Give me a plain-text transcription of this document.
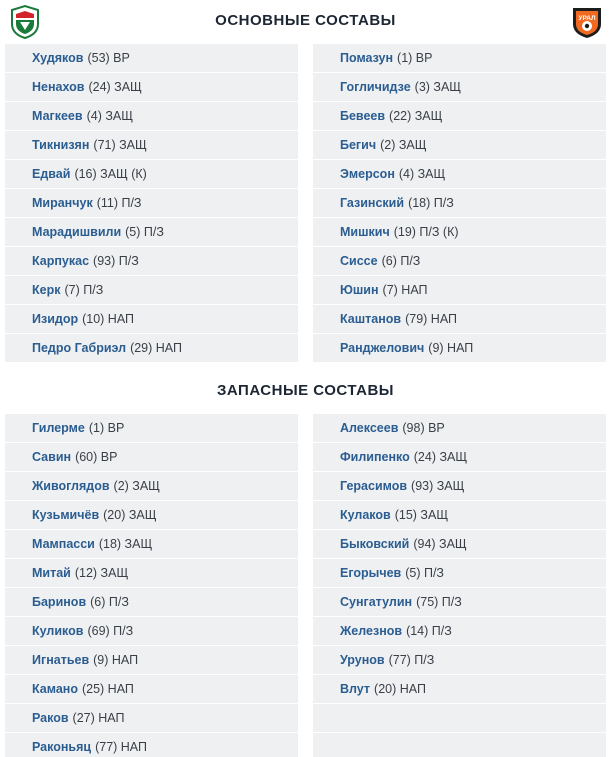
УРАЛ
ОСНОВНЫЕ СОСТАВЫ
ЗАПАСНЫЕ СОСТАВЫ
Худяков (53) ВР
Ненахов (24) ЗАЩ
Магкеев (4) ЗАЩ
Тикнизян (71) ЗАЩ
Едвай (16) ЗАЩ (К)
Миранчук (11) П/З
Марадишвили (5) П/З
Карпукас (93) П/З
Керк (7) П/З
Изидор (10) НАП
Педро Габриэл (29) НАП
Помазун (1) ВР
Гогличидзе (3) ЗАЩ
Бевеев (22) ЗАЩ
Бегич (2) ЗАЩ
Эмерсон (4) ЗАЩ
Газинский (18) П/З
Мишкич (19) П/З (К)
Сиссе (6) П/З
Юшин (7) НАП
Каштанов (79) НАП
Ранджелович (9) НАП
Гилерме (1) ВР
Савин (60) ВР
Живоглядов (2) ЗАЩ
Кузьмичёв (20) ЗАЩ
Мампасси (18) ЗАЩ
Митай (12) ЗАЩ
Баринов (6) П/З
Куликов (69) П/З
Игнатьев (9) НАП
Камано (25) НАП
Раков (27) НАП
Раконьяц (77) НАП
Алексеев (98) ВР
Филипенко (24) ЗАЩ
Герасимов (93) ЗАЩ
Кулаков (15) ЗАЩ
Быковский (94) ЗАЩ
Егорычев (5) П/З
Сунгатулин (75) П/З
Железнов (14) П/З
Урунов (77) П/З
Влут (20) НАП
